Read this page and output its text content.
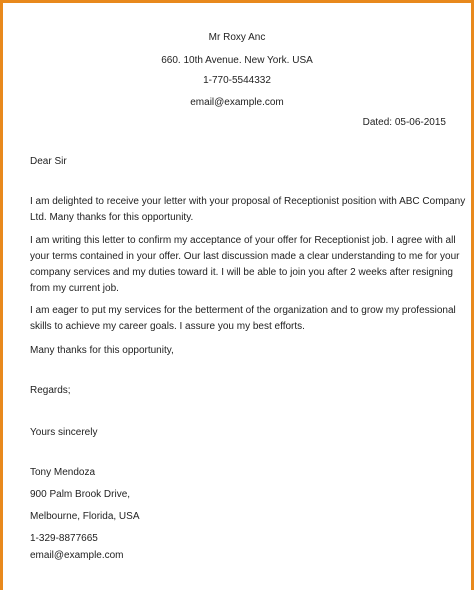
Mr Roxy Anc
660. 10th Avenue. New York. USA
1-770-5544332
email@example.com
Dated: 05-06-2015
Dear Sir
I am delighted to receive your letter with your proposal of Receptionist position with ABC Company
Ltd. Many thanks for this opportunity.
I am writing this letter to confirm my acceptance of your offer for Receptionist job. I agree with all
your terms contained in your offer. Our last discussion made a clear understanding to me for your
company services and my duties toward it. I will be able to join you after 2 weeks after resigning
from my current job.
I am eager to put my services for the betterment of the organization and to grow my professional
skills to achieve my career goals. I assure you my best efforts.
Many thanks for this opportunity,
Regards;
Yours sincerely
Tony Mendoza
900 Palm Brook Drive,
Melbourne, Florida, USA
1-329-8877665
email@example.com
